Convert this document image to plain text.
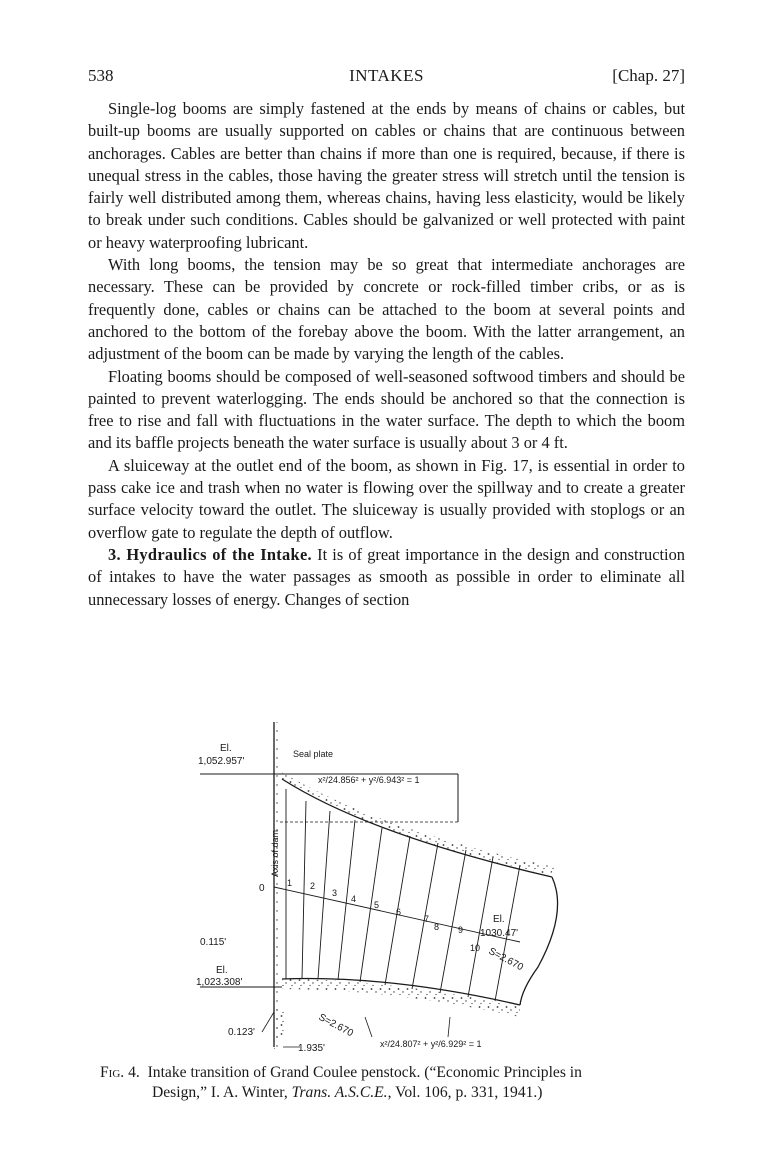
538	INTAKES	[Chap. 27]

Single-log booms are simply fastened at the ends by means of chains or cables, but built-up booms are usually supported on cables or chains that are continuous between anchorages. Cables are better than chains if more than one is required, because, if there is unequal stress in the cables, those having the greater stress will stretch until the tension is fairly well distributed among them, whereas chains, having less elasticity, would be likely to break under such conditions. Cables should be galvanized or well protected with paint or heavy waterproofing lubricant.

With long booms, the tension may be so great that intermediate anchorages are necessary. These can be provided by concrete or rock-filled timber cribs, or as is frequently done, cables or chains can be attached to the boom at several points and anchored to the bottom of the forebay above the boom. With the latter arrangement, an adjustment of the boom can be made by varying the length of the cables.

Floating booms should be composed of well-seasoned softwood timbers and should be painted to prevent waterlogging. The ends should be anchored so that the connection is free to rise and fall with fluctuations in the water surface. The depth to which the boom and its baffle projects beneath the water surface is usually about 3 or 4 ft.

A sluiceway at the outlet end of the boom, as shown in Fig. 17, is essential in order to pass cake ice and trash when no water is flowing over the spillway and to create a greater surface velocity toward the outlet. The sluiceway is usually provided with stoplogs or an overflow gate to regulate the depth of outflow.

3. Hydraulics of the Intake. It is of great importance in the design and construction of intakes to have the water passages as smooth as possible in order to eliminate all unnecessary losses of energy. Changes of section

El.
1,052.957'
Seal plate
x²/24.856² + y²/6.943² = 1
Axis of dam
0
0.115'
El.
1,023.308'
0.123'
1.935'
El.
1030.47'
S=2.670
S=2.670
x²/24.807² + y²/6.929² = 1
1 2
3
4
5
6
7
8 9
10
Fig. 4. Intake transition of Grand Coulee penstock. (“Economic Principles in
Design,” I. A. Winter, Trans. A.S.C.E., Vol. 106, p. 331, 1941.)
